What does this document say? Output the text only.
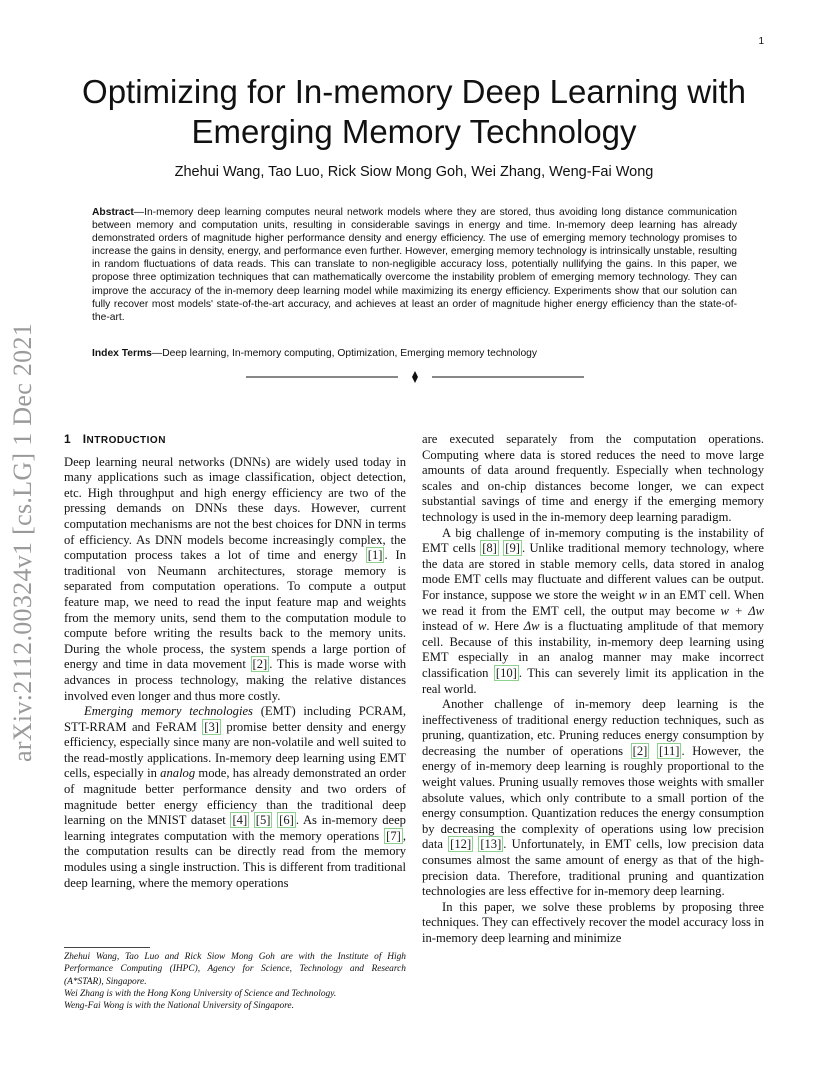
1
arXiv:2112.00324v1 [cs.LG] 1 Dec 2021
Optimizing for In-memory Deep Learning with Emerging Memory Technology
Zhehui Wang, Tao Luo, Rick Siow Mong Goh, Wei Zhang, Weng-Fai Wong
Abstract—In-memory deep learning computes neural network models where they are stored, thus avoiding long distance communication between memory and computation units, resulting in considerable savings in energy and time. In-memory deep learning has already demonstrated orders of magnitude higher performance density and energy efficiency. The use of emerging memory technology promises to increase the gains in density, energy, and performance even further. However, emerging memory technology is intrinsically unstable, resulting in random fluctuations of data reads. This can translate to non-negligible accuracy loss, potentially nullifying the gains. In this paper, we propose three optimization techniques that can mathematically overcome the instability problem of emerging memory technology. They can improve the accuracy of the in-memory deep learning model while maximizing its energy efficiency. Experiments show that our solution can fully recover most models' state-of-the-art accuracy, and achieves at least an order of magnitude higher energy efficiency than the state-of-the-art.
Index Terms—Deep learning, In-memory computing, Optimization, Emerging memory technology
1 INTRODUCTION

Deep learning neural networks (DNNs) are widely used today in many applications such as image classification, object detection, etc. High throughput and high energy efficiency are two of the pressing demands on DNNs these days. However, current computation mechanisms are not the best choices for DNN in terms of efficiency. As DNN models become increasingly complex, the computation process takes a lot of time and energy [1] . In traditional von Neumann architectures, storage memory is separated from computation operations. To compute a output feature map, we need to read the input feature map and weights from the memory units, send them to the computation module to compute before writing the results back to the memory units. During the whole process, the system spends a large portion of energy and time in data movement [2] . This is made worse with advances in process technology, making the relative distances involved even longer and thus more costly.

Emerging memory technologies (EMT) including PCRAM, STT-RRAM and FeRAM [3] promise better density and energy efficiency, especially since many are non-volatile and well suited to the read-mostly applications. In-memory deep learning using EMT cells, especially in analog mode, has already demonstrated an order of magnitude better performance density and two orders of magnitude better energy efficiency than the traditional deep learning on the MNIST dataset [4] [5] [6] . As in-memory deep learning integrates computation with the memory operations [7] , the computation results can be directly read from the memory modules using a single instruction. This is different from traditional deep learning, where the memory operations

are executed separately from the computation operations. Computing where data is stored reduces the need to move large amounts of data around frequently. Especially when technology scales and on-chip distances become longer, we can expect substantial savings of time and energy if the emerging memory technology is used in the in-memory deep learning paradigm.

A big challenge of in-memory computing is the instability of EMT cells [8] [9] . Unlike traditional memory technology, where the data are stored in stable memory cells, data stored in analog mode EMT cells may fluctuate and different values can be output. For instance, suppose we store the weight w in an EMT cell. When we read it from the EMT cell, the output may become w + Δw instead of w. Here Δw is a fluctuating amplitude of that memory cell. Because of this instability, in-memory deep learning using EMT especially in an analog manner may make incorrect classification [10] . This can severely limit its application in the real world.

Another challenge of in-memory deep learning is the ineffectiveness of traditional energy reduction techniques, such as pruning, quantization, etc. Pruning reduces energy consumption by decreasing the number of operations [2] [11] . However, the energy of in-memory deep learning is roughly proportional to the weight values. Pruning usually removes those weights with smaller absolute values, which only contribute to a small portion of the energy consumption. Quantization reduces the energy consumption by decreasing the complexity of operations using low precision data [12] [13] . Unfortunately, in EMT cells, low precision data consumes almost the same amount of energy as that of the high-precision data. Therefore, traditional pruning and quantization technologies are less effective for in-memory deep learning.

In this paper, we solve these problems by proposing three techniques. They can effectively recover the model accuracy loss in in-memory deep learning and minimize

Zhehui Wang, Tao Luo and Rick Siow Mong Goh are with the Institute of High Performance Computing (IHPC), Agency for Science, Technology and Research (A*STAR), Singapore.

Wei Zhang is with the Hong Kong University of Science and Technology.

Weng-Fai Wong is with the National University of Singapore.
